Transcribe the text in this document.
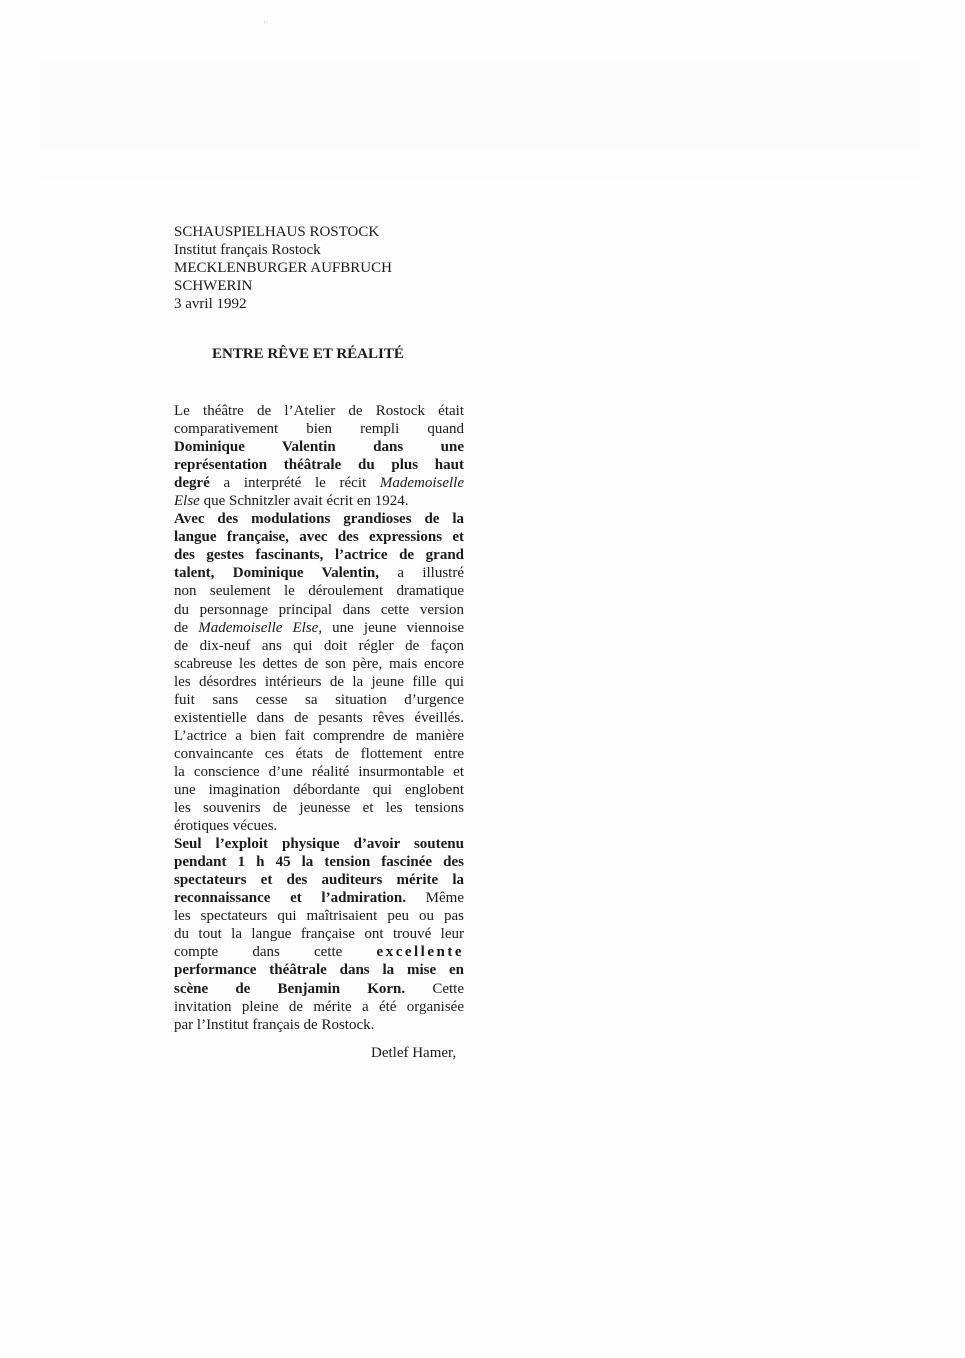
˙˙
SCHAUSPIELHAUS ROSTOCK
Institut français Rostock
MECKLENBURGER AUFBRUCH
SCHWERIN
3 avril 1992
ENTRE RÊVE ET RÉALITÉ
Le théâtre de l’Atelier de Rostock était
comparativement bien rempli quand
Dominique Valentin dans une
représentation théâtrale du plus haut
degré a interprété le récit Mademoiselle
Else que Schnitzler avait écrit en 1924.
Avec des modulations grandioses de la
langue française, avec des expressions et
des gestes fascinants, l’actrice de grand
talent, Dominique Valentin, a illustré
non seulement le déroulement dramatique
du personnage principal dans cette version
de Mademoiselle Else, une jeune viennoise
de dix-neuf ans qui doit régler de façon
scabreuse les dettes de son père, mais encore
les désordres intérieurs de la jeune fille qui
fuit sans cesse sa situation d’urgence
existentielle dans de pesants rêves éveillés.
L’actrice a bien fait comprendre de manière
convaincante ces états de flottement entre
la conscience d’une réalité insurmontable et
une imagination débordante qui englobent
les souvenirs de jeunesse et les tensions
érotiques vécues.
Seul l’exploit physique d’avoir soutenu
pendant 1 h 45 la tension fascinée des
spectateurs et des auditeurs mérite la
reconnaissance et l’admiration. Même
les spectateurs qui maîtrisaient peu ou pas
du tout la langue française ont trouvé leur
compte dans cette excellente
performance théâtrale dans la mise en
scène de Benjamin Korn. Cette
invitation pleine de mérite a été organisée
par l’Institut français de Rostock.
Detlef Hamer,
